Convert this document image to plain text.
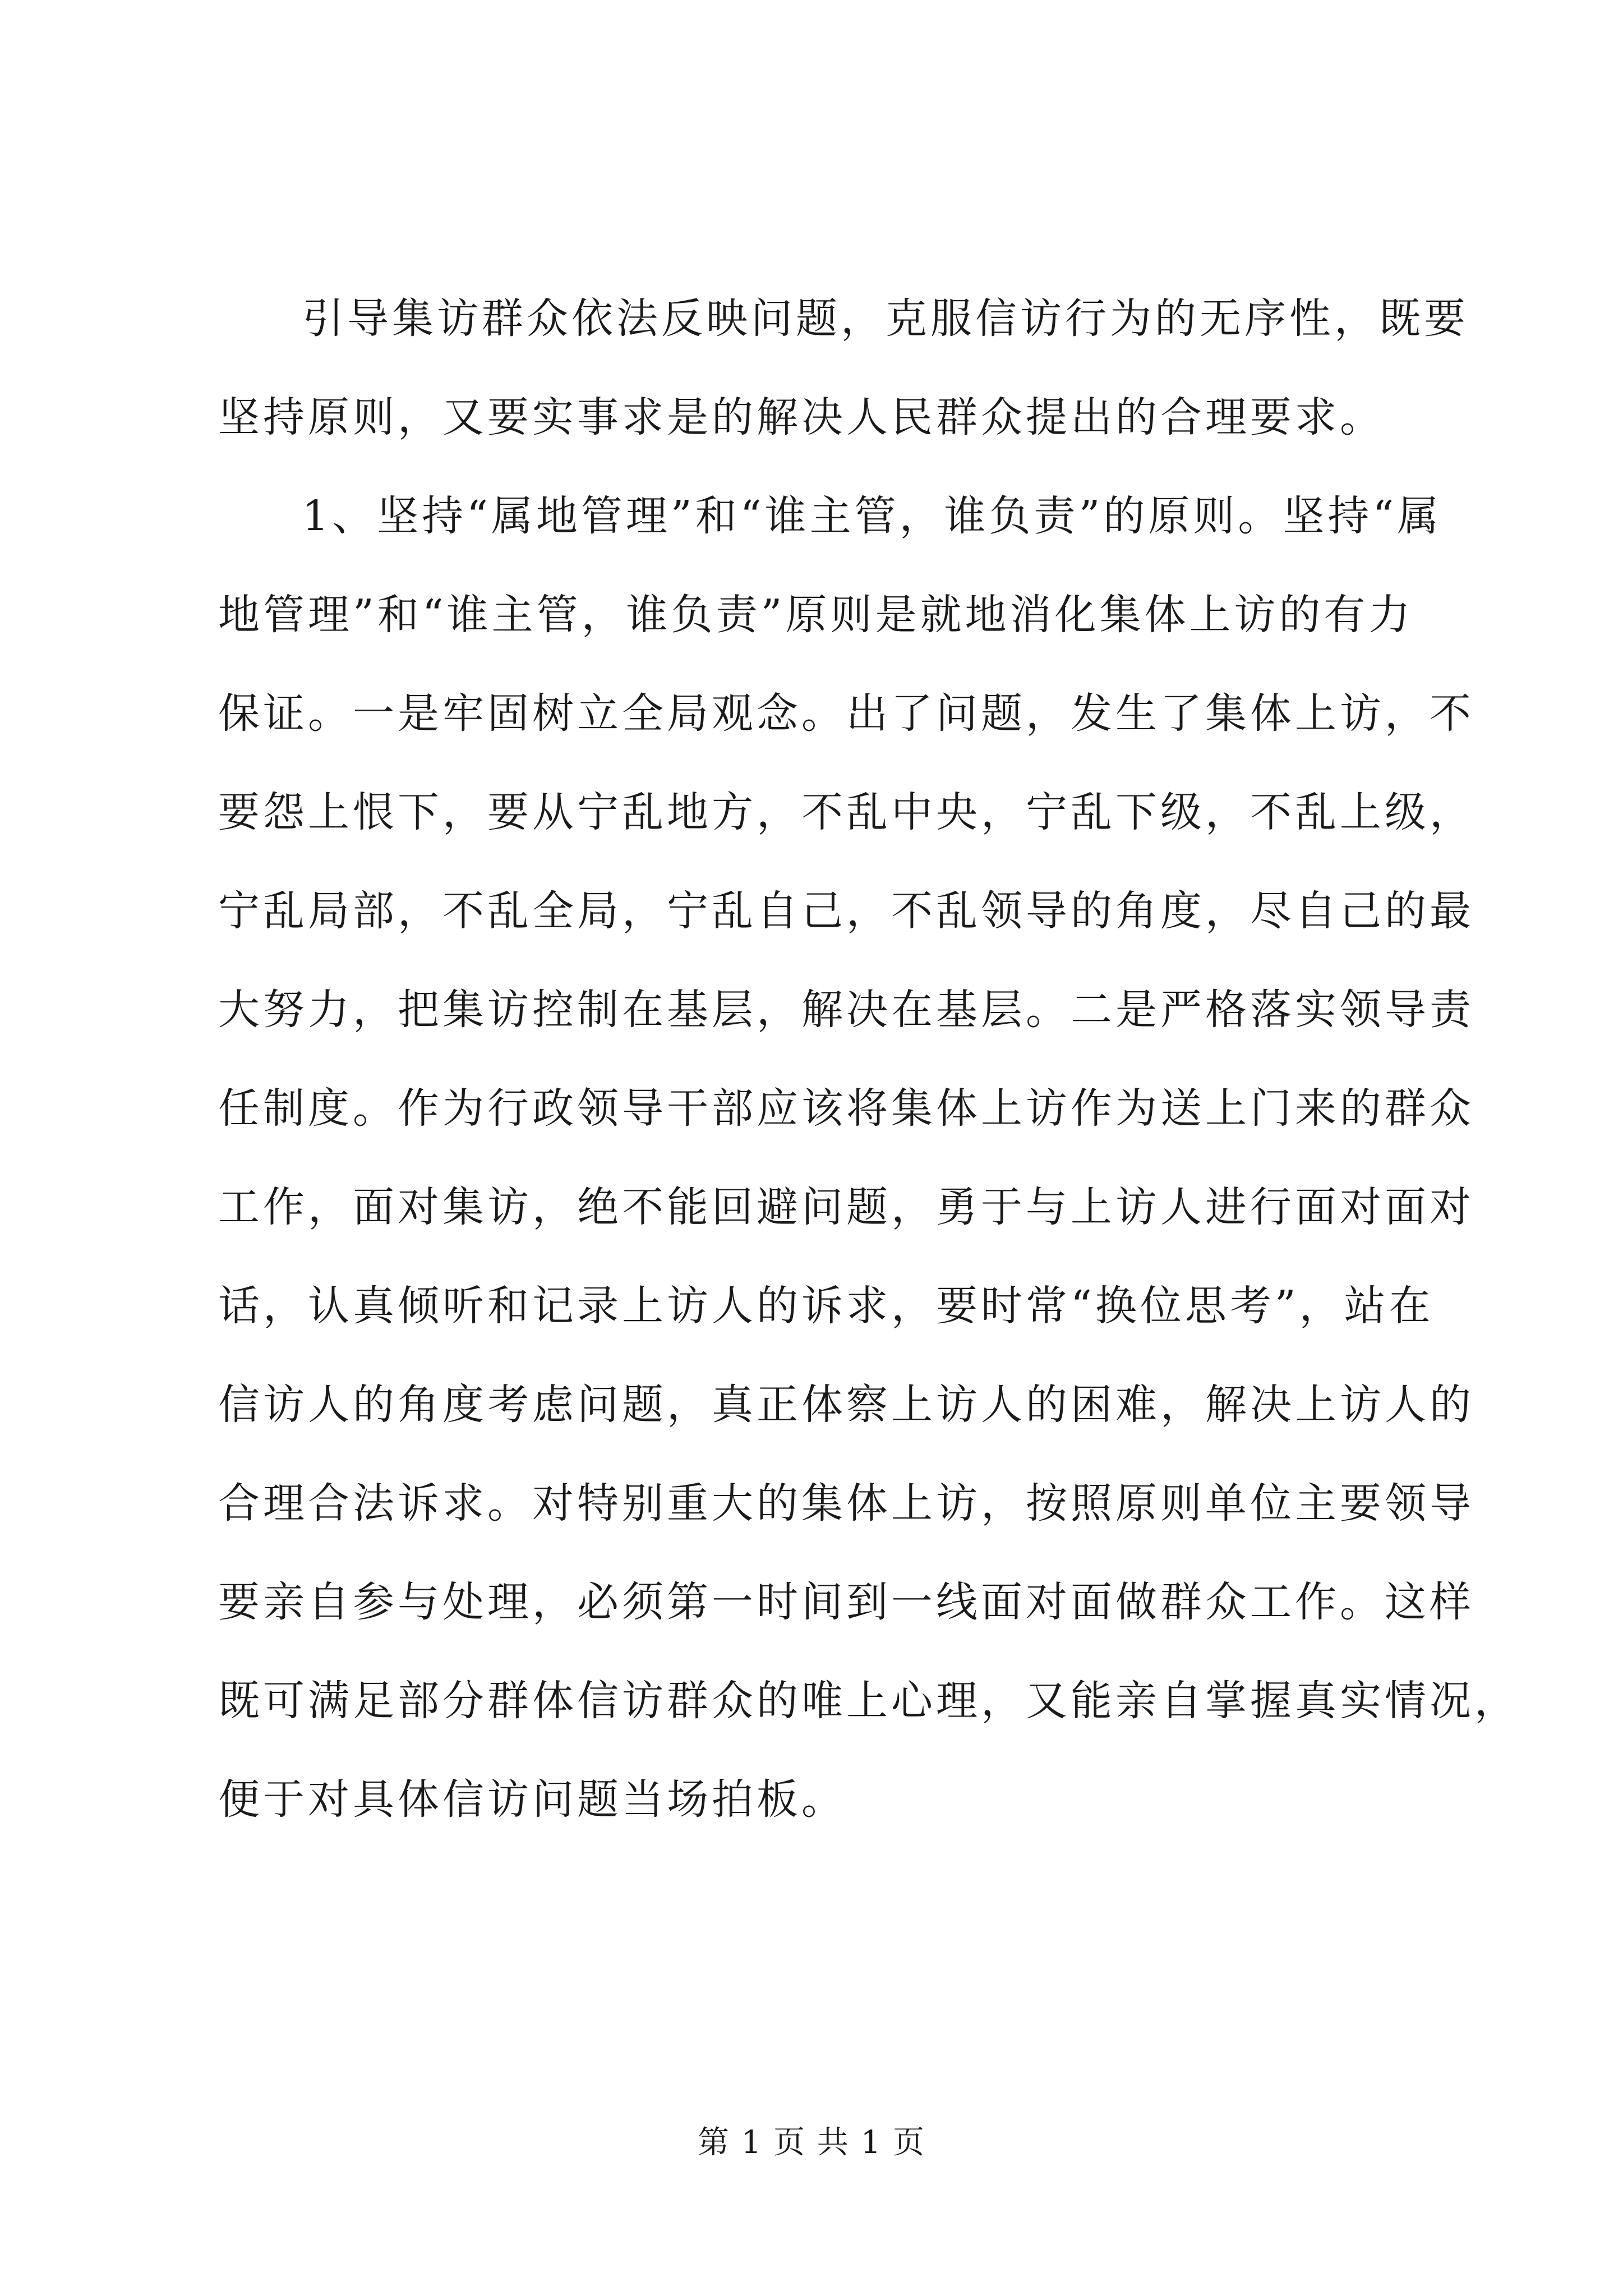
引导集访群众依法反映问题，克服信访行为的无序性，既要
坚持原则，又要实事求是的解决人民群众提出的合理要求。
1、坚持“属地管理”和“谁主管，谁负责”的原则。坚持“属
地管理”和“谁主管，谁负责”原则是就地消化集体上访的有力
保证。一是牢固树立全局观念。出了问题，发生了集体上访，不
要怨上恨下，要从宁乱地方，不乱中央，宁乱下级，不乱上级，
宁乱局部，不乱全局，宁乱自己，不乱领导的角度，尽自己的最
大努力，把集访控制在基层，解决在基层。二是严格落实领导责
任制度。作为行政领导干部应该将集体上访作为送上门来的群众
工作，面对集访，绝不能回避问题，勇于与上访人进行面对面对
话，认真倾听和记录上访人的诉求，要时常“换位思考”，站在
信访人的角度考虑问题，真正体察上访人的困难，解决上访人的
合理合法诉求。对特别重大的集体上访，按照原则单位主要领导
要亲自参与处理，必须第一时间到一线面对面做群众工作。这样
既可满足部分群体信访群众的唯上心理，又能亲自掌握真实情况，
便于对具体信访问题当场拍板。
第 1 页 共 1 页
